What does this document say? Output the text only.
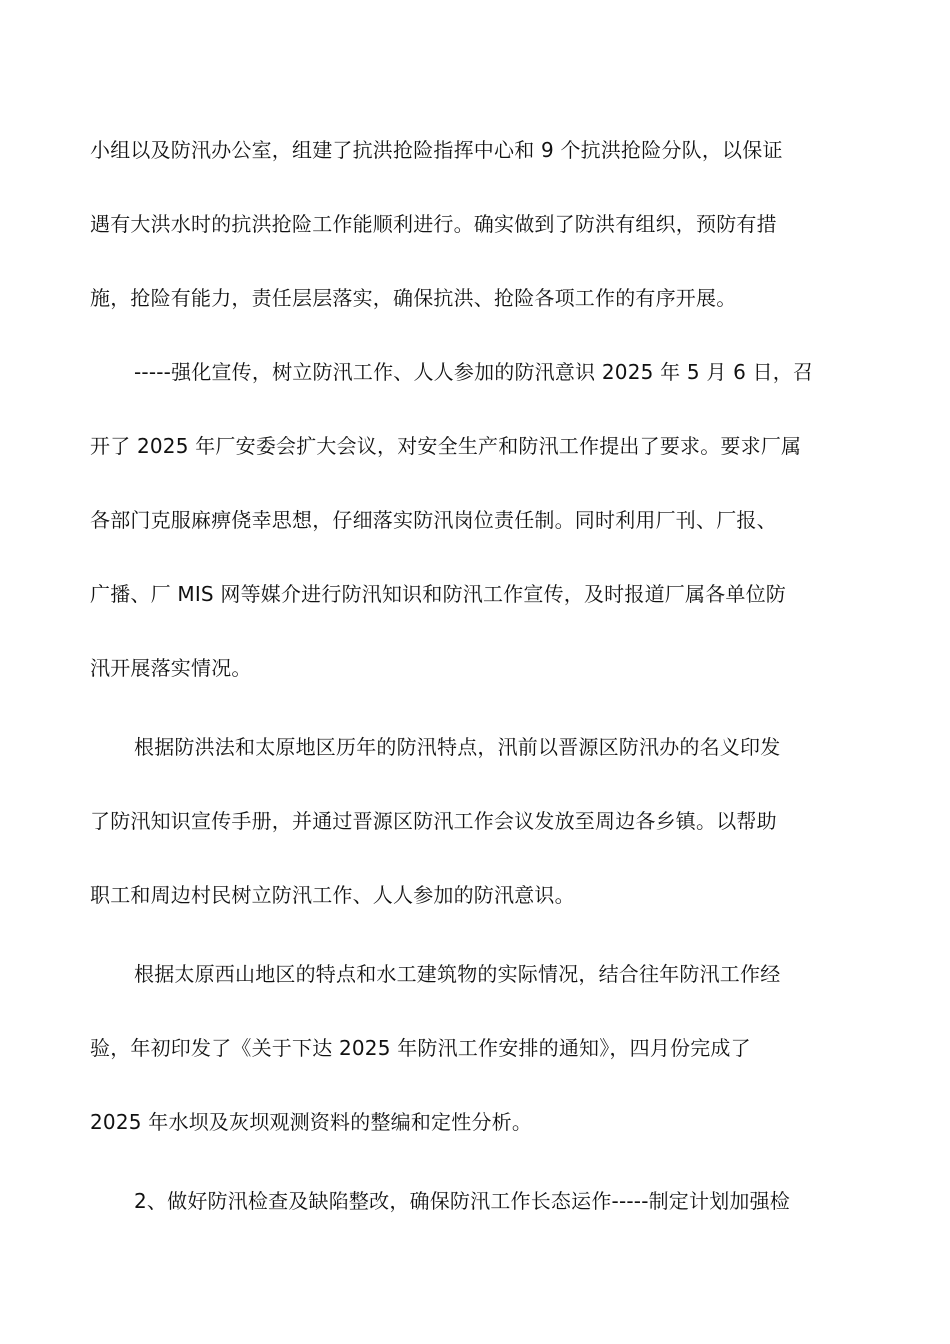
小组以及防汛办公室，组建了抗洪抢险指挥中心和 9 个抗洪抢险分队，以保证
遇有大洪水时的抗洪抢险工作能顺利进行。确实做到了防洪有组织，预防有措
施，抢险有能力，责任层层落实，确保抗洪、抢险各项工作的有序开展。
-----强化宣传，树立防汛工作、人人参加的防汛意识 2025 年 5 月 6 日，召
开了 2025 年厂安委会扩大会议，对安全生产和防汛工作提出了要求。要求厂属
各部门克服麻痹侥幸思想，仔细落实防汛岗位责任制。同时利用厂刊、厂报、
广播、厂 MIS 网等媒介进行防汛知识和防汛工作宣传，及时报道厂属各单位防
汛开展落实情况。
根据防洪法和太原地区历年的防汛特点，汛前以晋源区防汛办的名义印发
了防汛知识宣传手册，并通过晋源区防汛工作会议发放至周边各乡镇。以帮助
职工和周边村民树立防汛工作、人人参加的防汛意识。
根据太原西山地区的特点和水工建筑物的实际情况，结合往年防汛工作经
验，年初印发了《关于下达 2025 年防汛工作安排的通知》，四月份完成了
2025 年水坝及灰坝观测资料的整编和定性分析。
2、做好防汛检查及缺陷整改，确保防汛工作长态运作-----制定计划加强检
